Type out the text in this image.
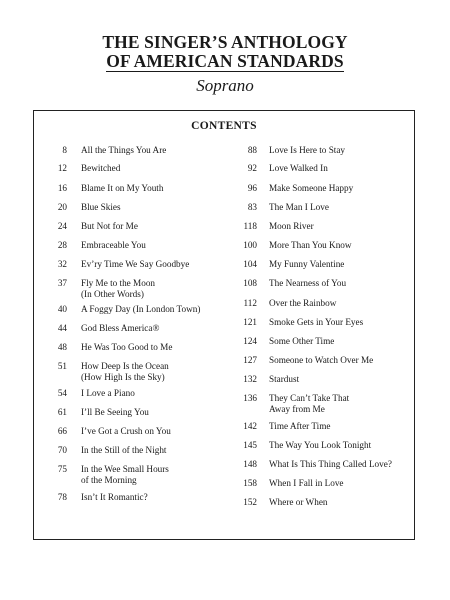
THE SINGER’S ANTHOLOGY
OF AMERICAN STANDARDS
Soprano
CONTENTS
8 All the Things You Are
12 Bewitched
16 Blame It on My Youth
20 Blue Skies
24 But Not for Me
28 Embraceable You
32 Ev’ry Time We Say Goodbye
37 Fly Me to the Moon
(In Other Words)
40 A Foggy Day (In London Town)
44 God Bless America®
48 He Was Too Good to Me
51 How Deep Is the Ocean
(How High Is the Sky)
54 I Love a Piano
61 I’ll Be Seeing You
66 I’ve Got a Crush on You
70 In the Still of the Night
75 In the Wee Small Hours
of the Morning
78 Isn’t It Romantic?
88 Love Is Here to Stay
92 Love Walked In
96 Make Someone Happy
83 The Man I Love
118 Moon River
100 More Than You Know
104 My Funny Valentine
108 The Nearness of You
112 Over the Rainbow
121 Smoke Gets in Your Eyes
124 Some Other Time
127 Someone to Watch Over Me
132 Stardust
136 They Can’t Take That
Away from Me
142 Time After Time
145 The Way You Look Tonight
148 What Is This Thing Called Love?
158 When I Fall in Love
152 Where or When
